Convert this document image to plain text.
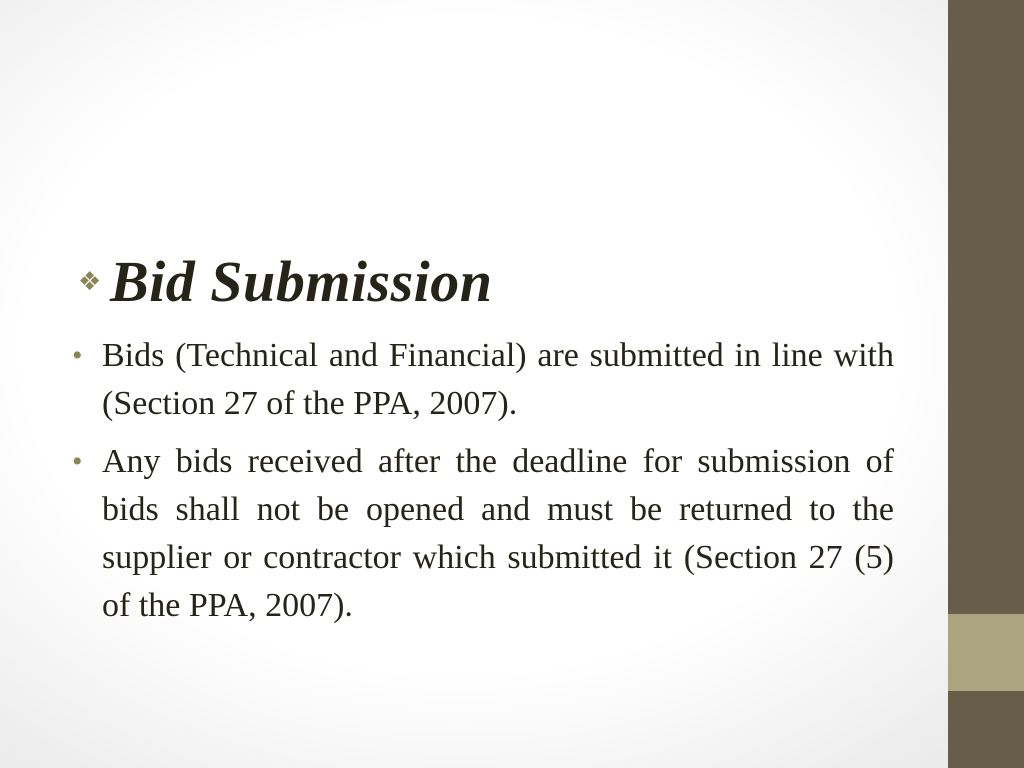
❖ Bid Submission
• Bids (Technical and Financial) are submitted in line with (Section 27 of the PPA, 2007).
• Any bids received after the deadline for submission of bids shall not be opened and must be returned to the supplier or contractor which submitted it (Section 27 (5) of the PPA, 2007).
